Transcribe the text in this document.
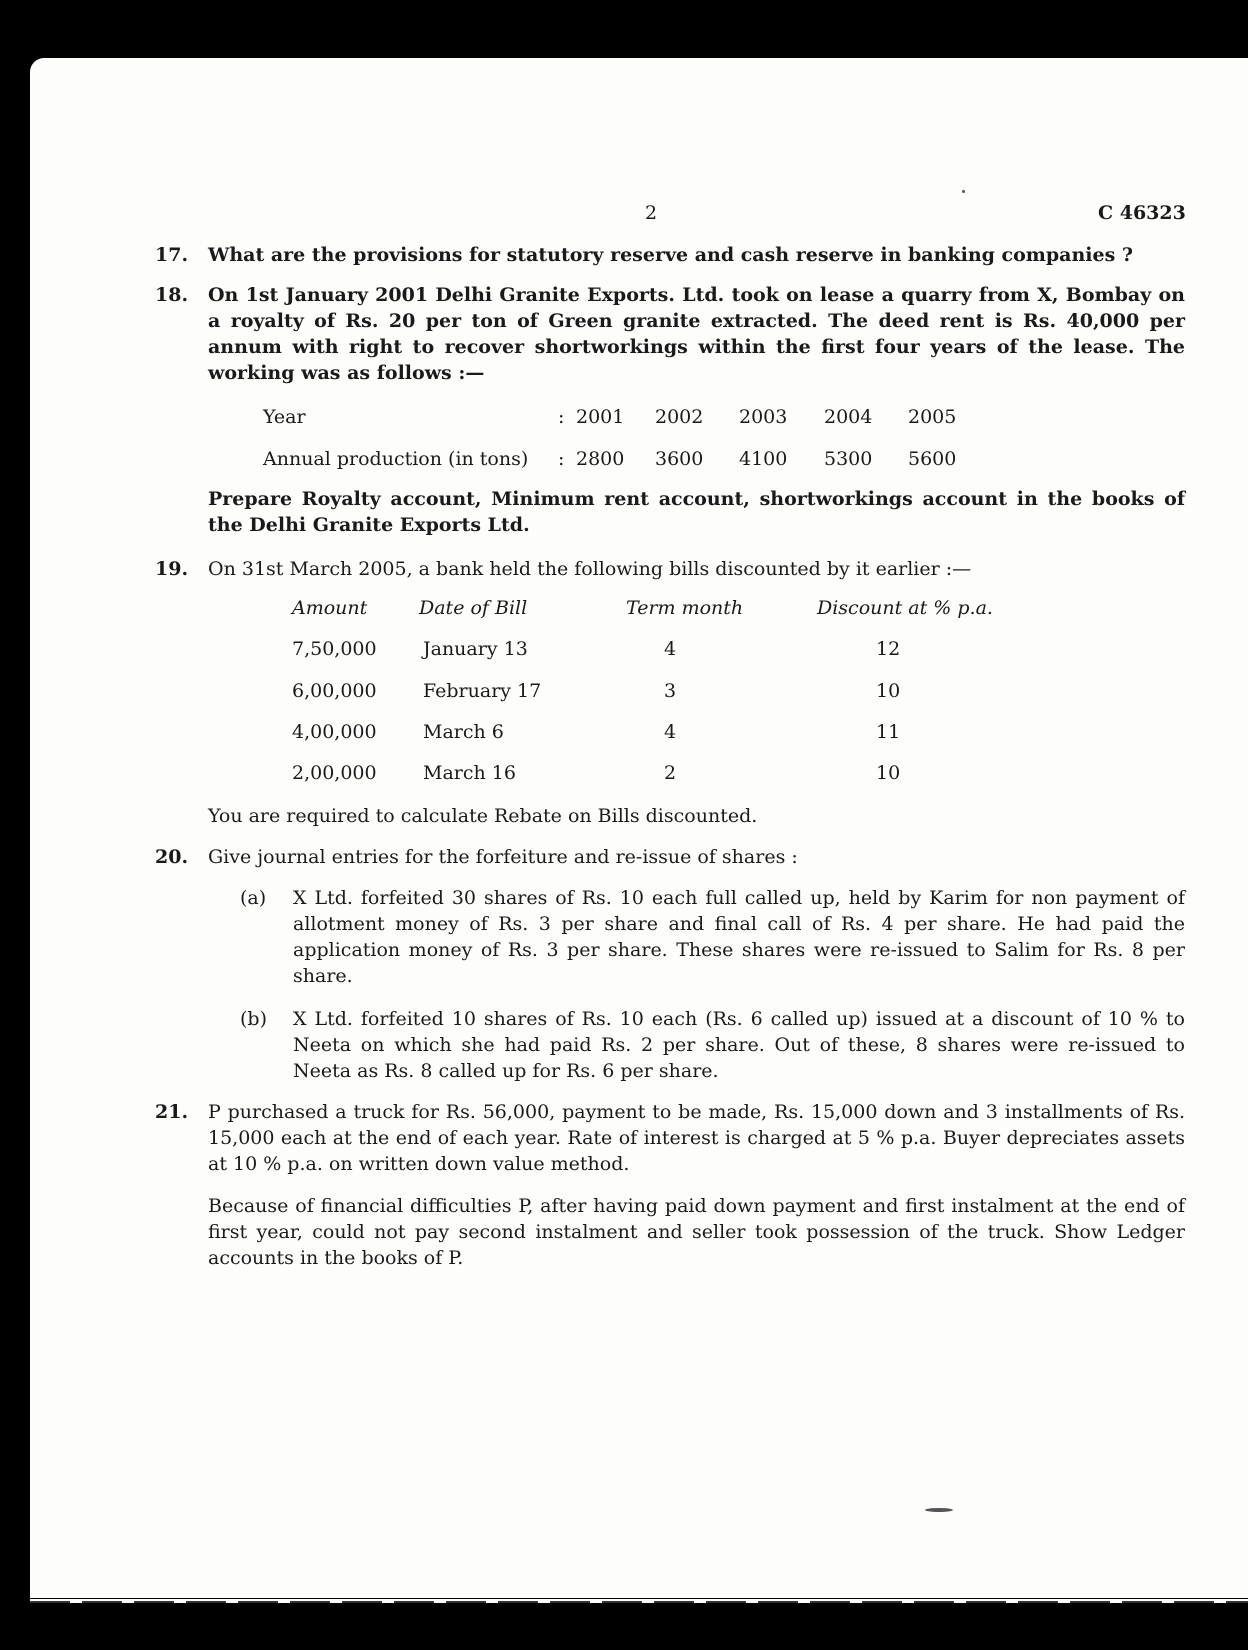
2	C 46323
17.	What are the provisions for statutory reserve and cash reserve in banking companies ?

18.	On 1st January 2001 Delhi Granite Exports. Ltd. took on lease a quarry from X, Bombay on a royalty of Rs. 20 per ton of Green granite extracted. The deed rent is Rs. 40,000 per annum with right to recover shortworkings within the first four years of the lease. The working was as follows :—

Year	: 2001 2002 2003 2004 2005
Annual production (in tons) : 2800 3600 4100 5300 5600

Prepare Royalty account, Minimum rent account, shortworkings account in the books of the Delhi Granite Exports Ltd.

19.	On 31st March 2005, a bank held the following bills discounted by it earlier :—

Amount	Date of Bill	Term month	Discount at % p.a.
7,50,000 January 13	4	12
6,00,000 February 17	3	10
4,00,000 March 6	4	11
2,00,000 March 16	2	10

You are required to calculate Rebate on Bills discounted.

20.	Give journal entries for the forfeiture and re-issue of shares :

(a) X Ltd. forfeited 30 shares of Rs. 10 each full called up, held by Karim for non payment of allotment money of Rs. 3 per share and final call of Rs. 4 per share. He had paid the application money of Rs. 3 per share. These shares were re-issued to Salim for Rs. 8 per share.

(b) X Ltd. forfeited 10 shares of Rs. 10 each (Rs. 6 called up) issued at a discount of 10 % to Neeta on which she had paid Rs. 2 per share. Out of these, 8 shares were re-issued to Neeta as Rs. 8 called up for Rs. 6 per share.

21.	P purchased a truck for Rs. 56,000, payment to be made, Rs. 15,000 down and 3 installments of Rs. 15,000 each at the end of each year. Rate of interest is charged at 5 % p.a. Buyer depreciates assets at 10 % p.a. on written down value method.

Because of financial difficulties P, after having paid down payment and first instalment at the end of first year, could not pay second instalment and seller took possession of the truck. Show Ledger accounts in the books of P.
